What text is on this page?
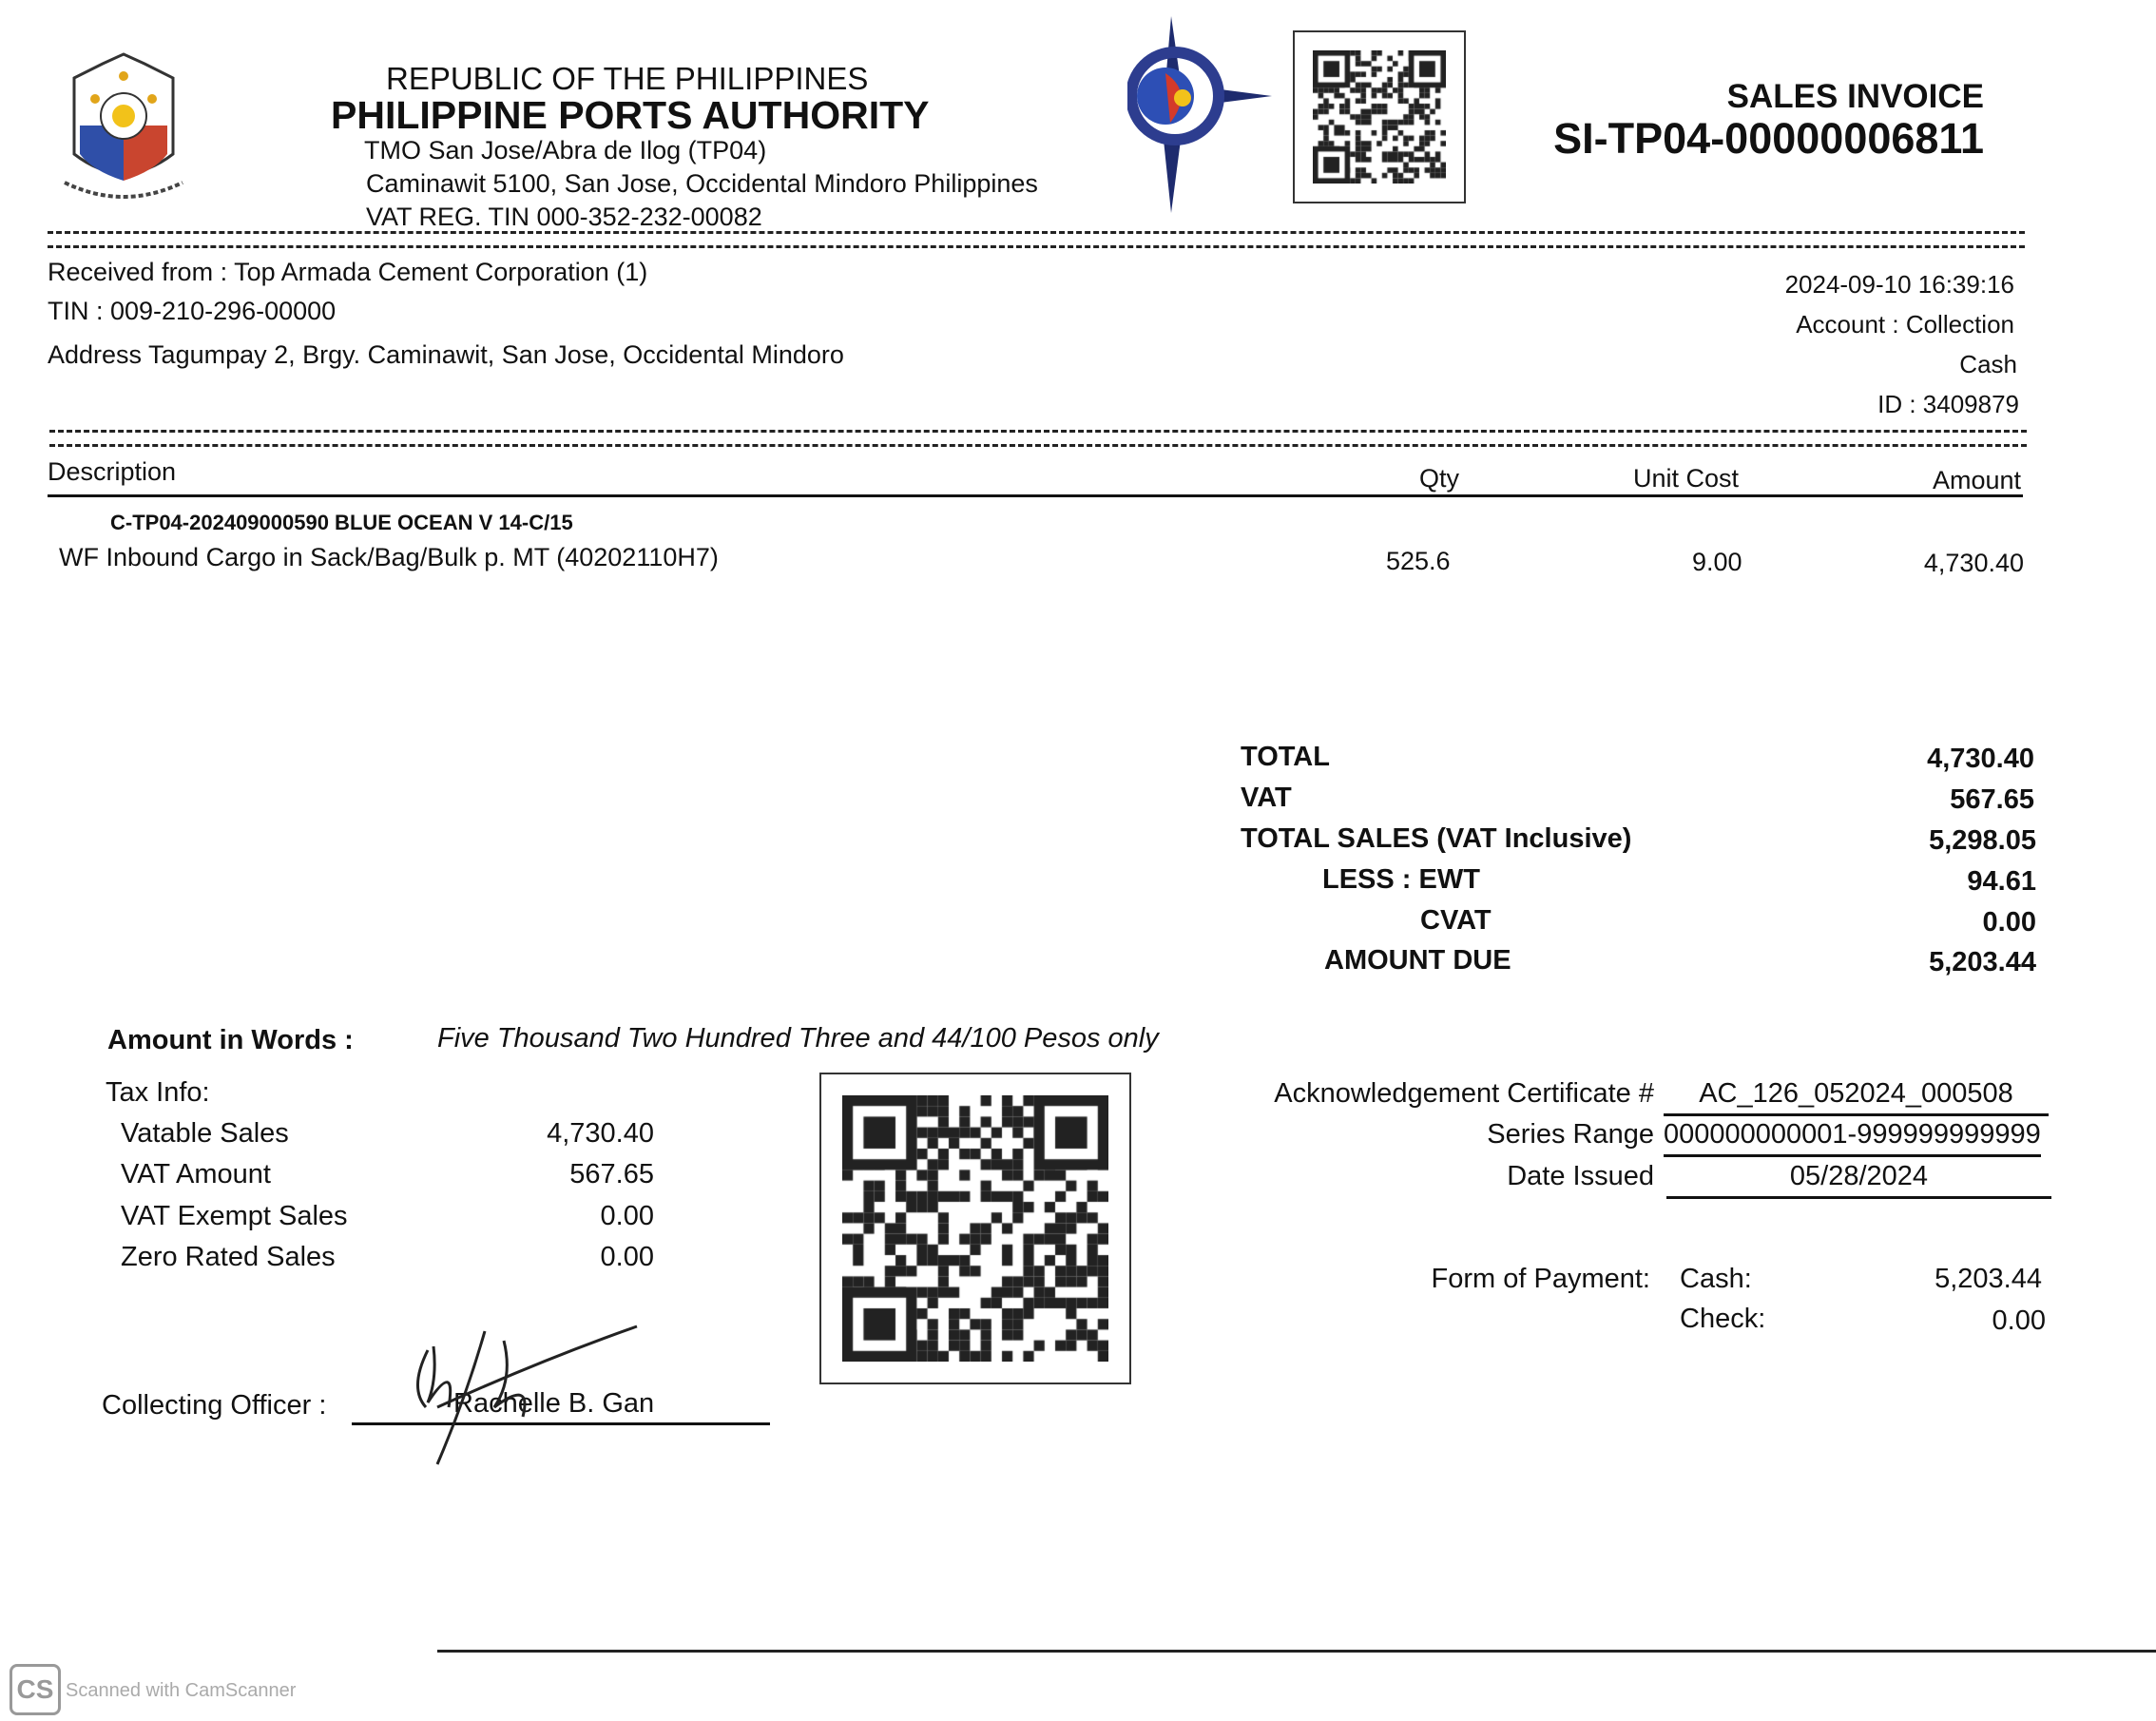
REPUBLIC OF THE PHILIPPINES
PHILIPPINE PORTS AUTHORITY
TMO San Jose/Abra de Ilog (TP04)
Caminawit 5100, San Jose, Occidental Mindoro Philippines
VAT REG. TIN 000-352-232-00082
SALES INVOICE
SI-TP04-00000006811
Received from : Top Armada Cement Corporation (1)
TIN : 009-210-296-00000
Address Tagumpay 2, Brgy. Caminawit, San Jose, Occidental Mindoro
2024-09-10 16:39:16
Account : Collection
Cash
ID : 3409879
Description	Qty	Unit Cost	Amount
C-TP04-202409000590 BLUE OCEAN V 14-C/15
WF Inbound Cargo in Sack/Bag/Bulk p. MT (40202110H7)	525.6	9.00	4,730.40
TOTAL	4,730.40
VAT	567.65
TOTAL SALES (VAT Inclusive)	5,298.05
LESS : EWT	94.61
CVAT	0.00
AMOUNT DUE	5,203.44
Amount in Words :	Five Thousand Two Hundred Three and 44/100 Pesos only
Tax Info:
Vatable Sales	4,730.40
VAT Amount	567.65
VAT Exempt Sales	0.00
Zero Rated Sales	0.00
Acknowledgement Certificate #	AC_126_052024_000508
Series Range 000000000001-999999999999
Date Issued	05/28/2024
Form of Payment: Cash:	5,203.44
Check:	0.00
Collecting Officer :	Rachelle B. Gan
CS Scanned with CamScanner
